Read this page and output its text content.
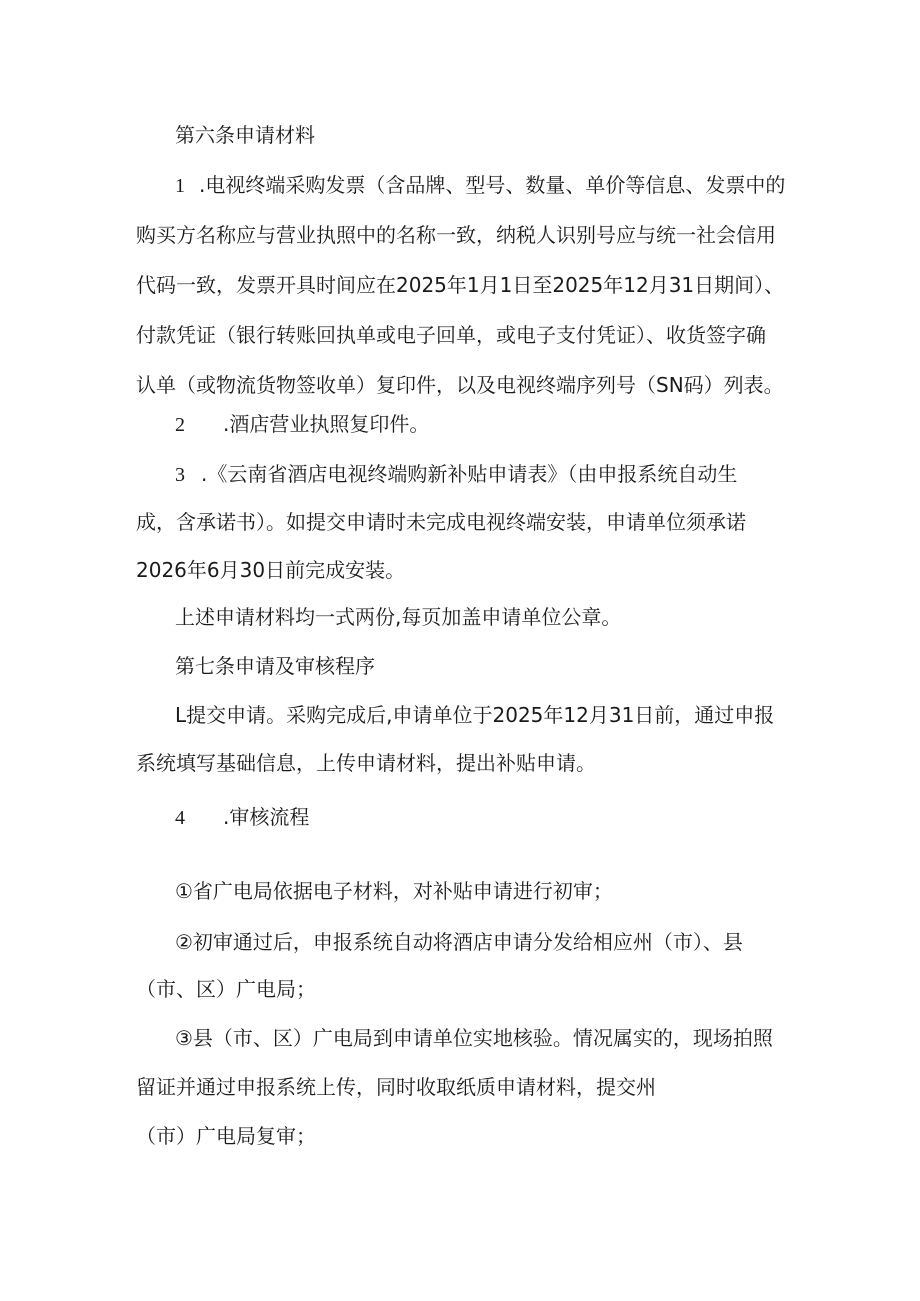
第六条申请材料
1 .电视终端采购发票（含品牌、型号、数量、单价等信息、发票中的
购买方名称应与营业执照中的名称一致，纳税人识别号应与统一社会信用
代码一致，发票开具时间应在2025年1月1日至2025年12月31日期间）、
付款凭证（银行转账回执单或电子回单，或电子支付凭证）、收货签字确
认单（或物流货物签收单）复印件，以及电视终端序列号（SN码）列表。
2 .酒店营业执照复印件。
3 .《云南省酒店电视终端购新补贴申请表》（由申报系统自动生
成，含承诺书）。如提交申请时未完成电视终端安装，申请单位须承诺
2026年6月30日前完成安装。
上述申请材料均一式两份,每页加盖申请单位公章。
第七条申请及审核程序
L提交申请。采购完成后,申请单位于2025年12月31日前，通过申报
系统填写基础信息，上传申请材料，提出补贴申请。
4 .审核流程
①省广电局依据电子材料，对补贴申请进行初审；
②初审通过后，申报系统自动将酒店申请分发给相应州（市）、县
（市、区）广电局；
③县（市、区）广电局到申请单位实地核验。情况属实的，现场拍照
留证并通过申报系统上传，同时收取纸质申请材料，提交州
（市）广电局复审；
